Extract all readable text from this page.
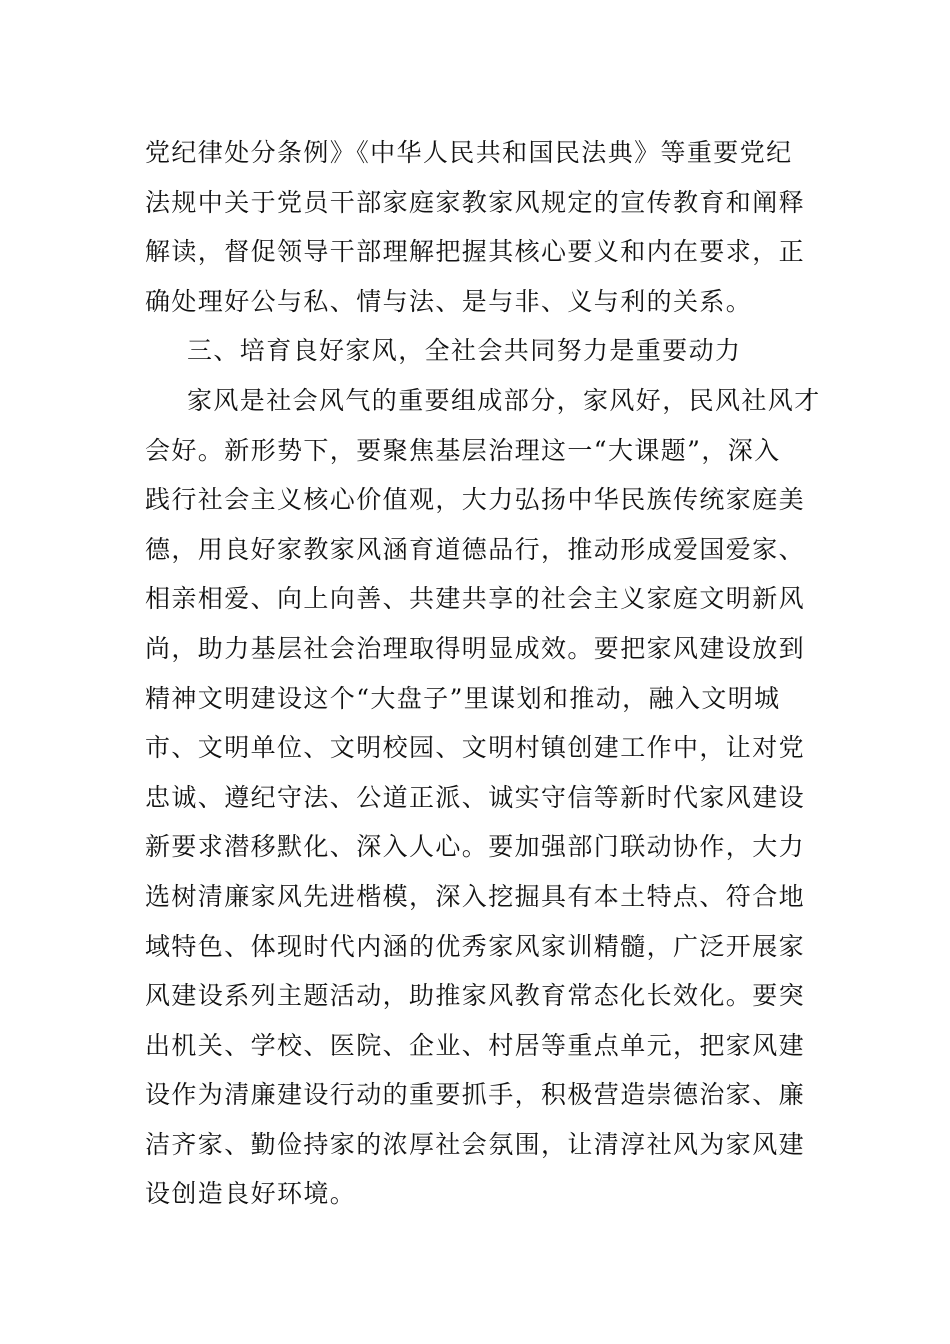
党纪律处分条例》《中华人民共和国民法典》等重要党纪
法规中关于党员干部家庭家教家风规定的宣传教育和阐释
解读，督促领导干部理解把握其核心要义和内在要求，正
确处理好公与私、情与法、是与非、义与利的关系。
三、培育良好家风，全社会共同努力是重要动力
家风是社会风气的重要组成部分，家风好，民风社风才
会好。新形势下，要聚焦基层治理这一“大课题”，深入
践行社会主义核心价值观，大力弘扬中华民族传统家庭美
德，用良好家教家风涵育道德品行，推动形成爱国爱家、
相亲相爱、向上向善、共建共享的社会主义家庭文明新风
尚，助力基层社会治理取得明显成效。要把家风建设放到
精神文明建设这个“大盘子”里谋划和推动，融入文明城
市、文明单位、文明校园、文明村镇创建工作中，让对党
忠诚、遵纪守法、公道正派、诚实守信等新时代家风建设
新要求潜移默化、深入人心。要加强部门联动协作，大力
选树清廉家风先进楷模，深入挖掘具有本土特点、符合地
域特色、体现时代内涵的优秀家风家训精髓，广泛开展家
风建设系列主题活动，助推家风教育常态化长效化。要突
出机关、学校、医院、企业、村居等重点单元，把家风建
设作为清廉建设行动的重要抓手，积极营造崇德治家、廉
洁齐家、勤俭持家的浓厚社会氛围，让清淳社风为家风建
设创造良好环境。
